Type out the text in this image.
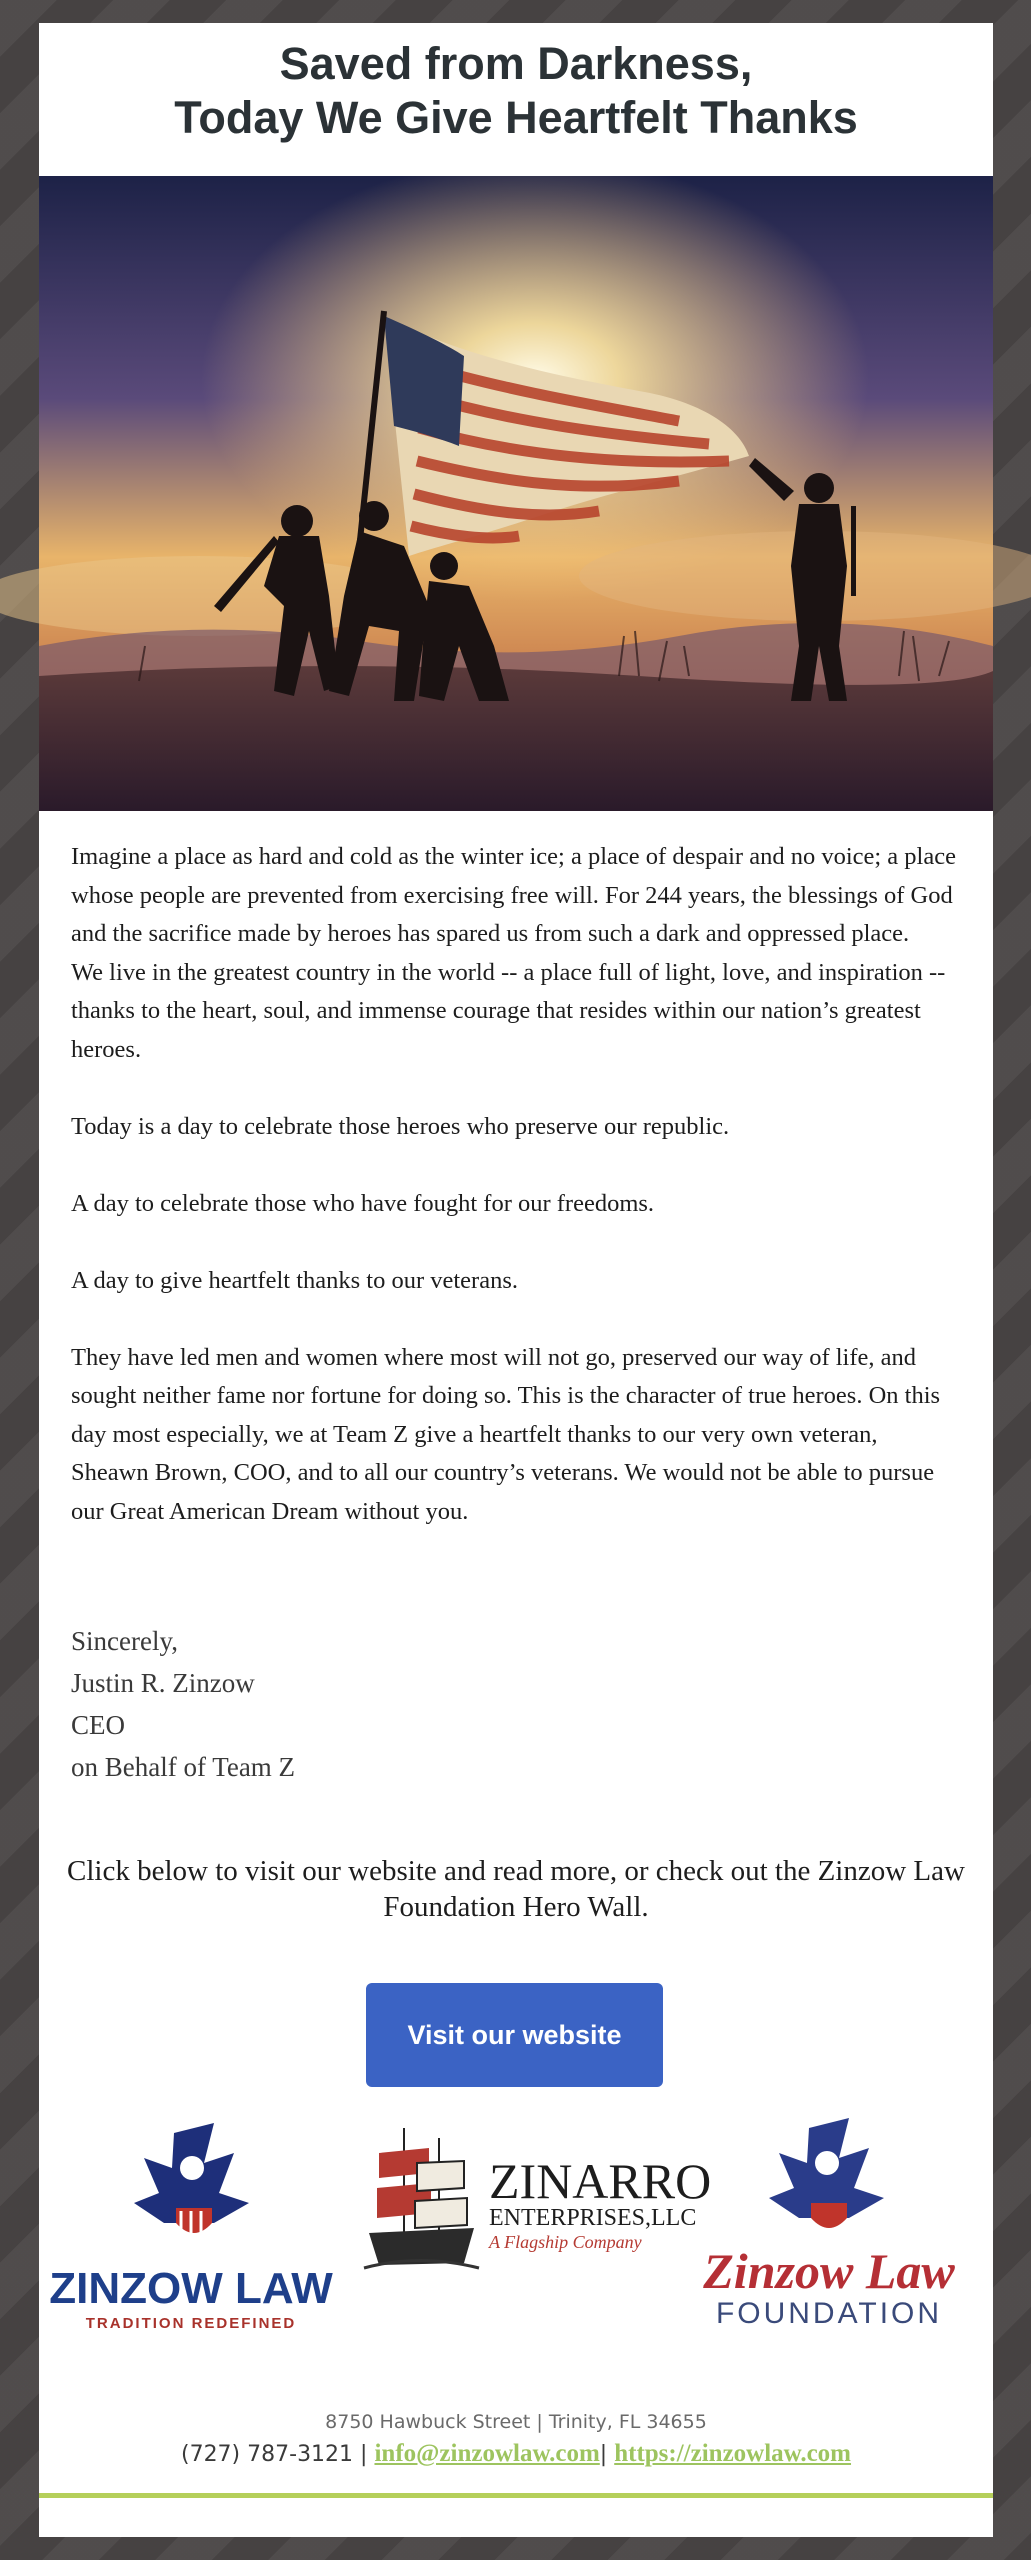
Saved from Darkness,
Today We Give Heartfelt Thanks

Imagine a place as hard and cold as the winter ice; a place of despair and no voice; a place whose people are prevented from exercising free will. For 244 years, the blessings of God and the sacrifice made by heroes has spared us from such a dark and oppressed place.

We live in the greatest country in the world -- a place full of light, love, and inspiration -- thanks to the heart, soul, and immense courage that resides within our nation’s greatest heroes.

Today is a day to celebrate those heroes who preserve our republic.

A day to celebrate those who have fought for our freedoms.

A day to give heartfelt thanks to our veterans.

They have led men and women where most will not go, preserved our way of life, and sought neither fame nor fortune for doing so. This is the character of true heroes. On this day most especially, we at Team Z give a heartfelt thanks to our very own veteran, Sheawn Brown, COO, and to all our country’s veterans. We would not be able to pursue our Great American Dream without you.

Sincerely,
Justin R. Zinzow
CEO
on Behalf of Team Z
Click below to visit our website and read more, or check out the Zinzow Law Foundation Hero Wall.
Visit our website
ZINZOW LAW
TRADITION REDEFINED
ZINARRO
ENTERPRISES,LLC
A Flagship Company
Zinzow Law
FOUNDATION
8750 Hawbuck Street | Trinity, FL 34655
(727) 787-3121 | info@zinzowlaw.com| https://zinzowlaw.com
